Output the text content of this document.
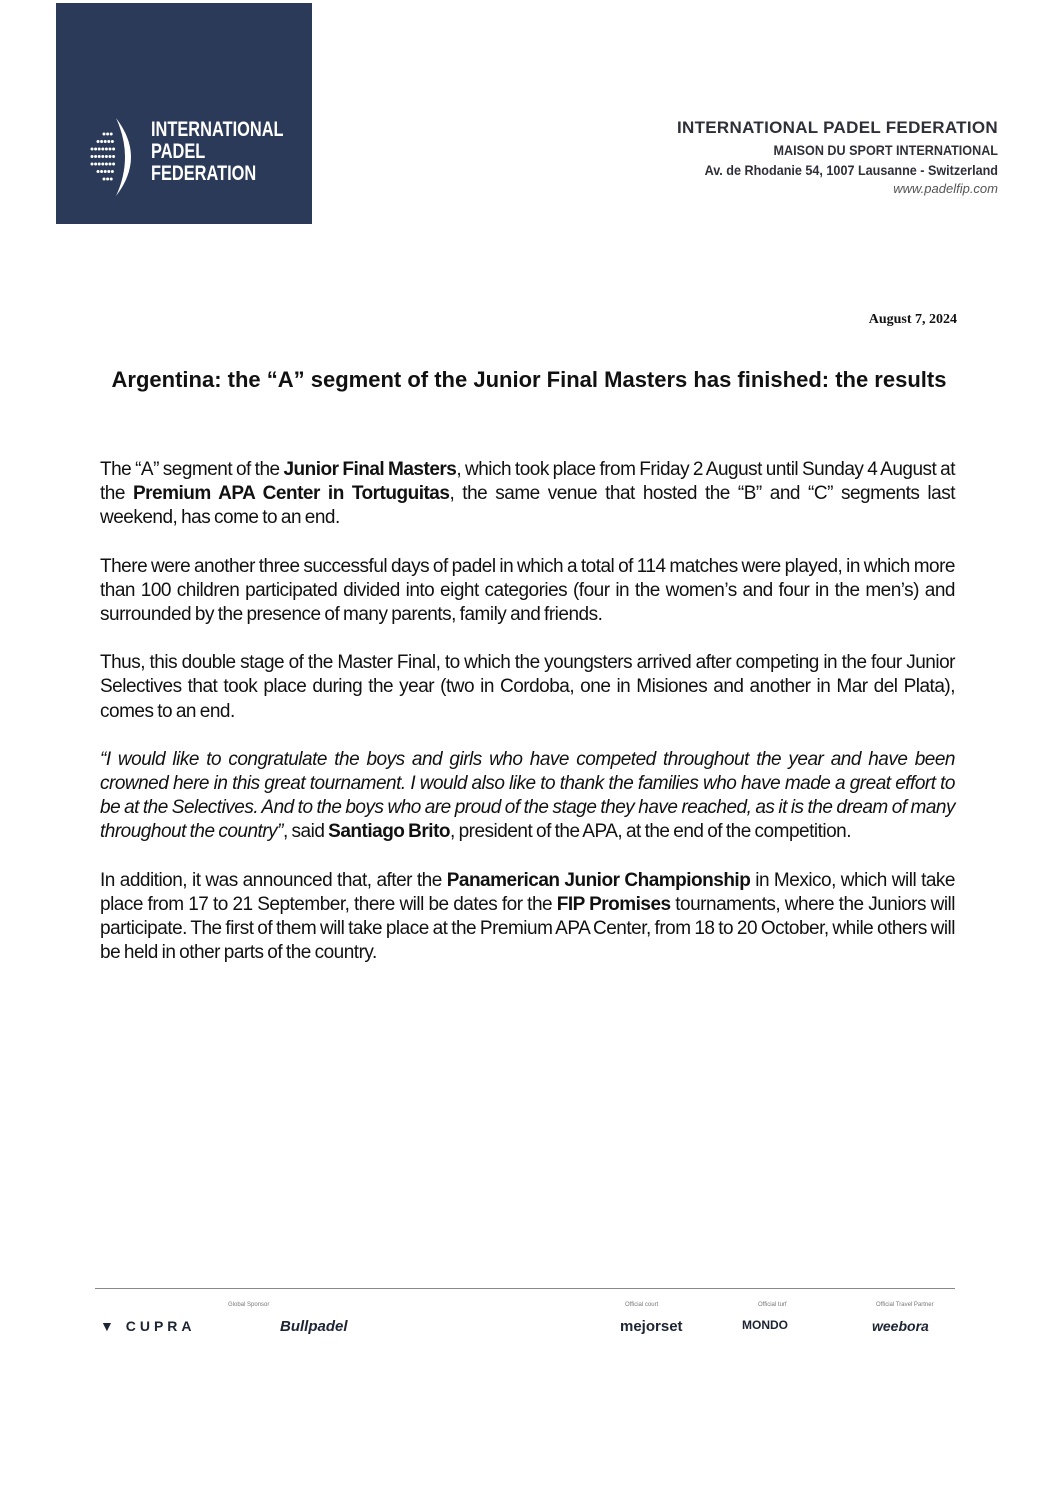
INTERNATIONAL
PADEL
FEDERATION
INTERNATIONAL PADEL FEDERATION
MAISON DU SPORT INTERNATIONAL
Av. de Rhodanie 54, 1007 Lausanne - Switzerland
www.padelfip.com
August 7, 2024
Argentina: the “A” segment of the Junior Final Masters has finished: the results

The “A” segment of the Junior Final Masters, which took place from Friday 2 August until Sunday 4 August at the Premium APA Center in Tortuguitas, the same venue that hosted the “B” and “C” segments last weekend, has come to an end.

There were another three successful days of padel in which a total of 114 matches were played, in which more than 100 children participated divided into eight categories (four in the women’s and four in the men’s) and surrounded by the presence of many parents, family and friends.

Thus, this double stage of the Master Final, to which the youngsters arrived after competing in the four Junior Selectives that took place during the year (two in Cordoba, one in Misiones and another in Mar del Plata), comes to an end.

“I would like to congratulate the boys and girls who have competed throughout the year and have been crowned here in this great tournament. I would also like to thank the families who have made a great effort to be at the Selectives. And to the boys who are proud of the stage they have reached, as it is the dream of many throughout the country”, said Santiago Brito, president of the APA, at the end of the competition.

In addition, it was announced that, after the Panamerican Junior Championship in Mexico, which will take place from 17 to 21 September, there will be dates for the FIP Promises tournaments, where the Juniors will participate. The first of them will take place at the Premium APA Center, from 18 to 20 October, while others will be held in other parts of the country.

Global Sponsor	Official court	Official turf	Official Travel Partner
▼ CUPRA	Bullpadel	mejorset	MONDO	weebora
